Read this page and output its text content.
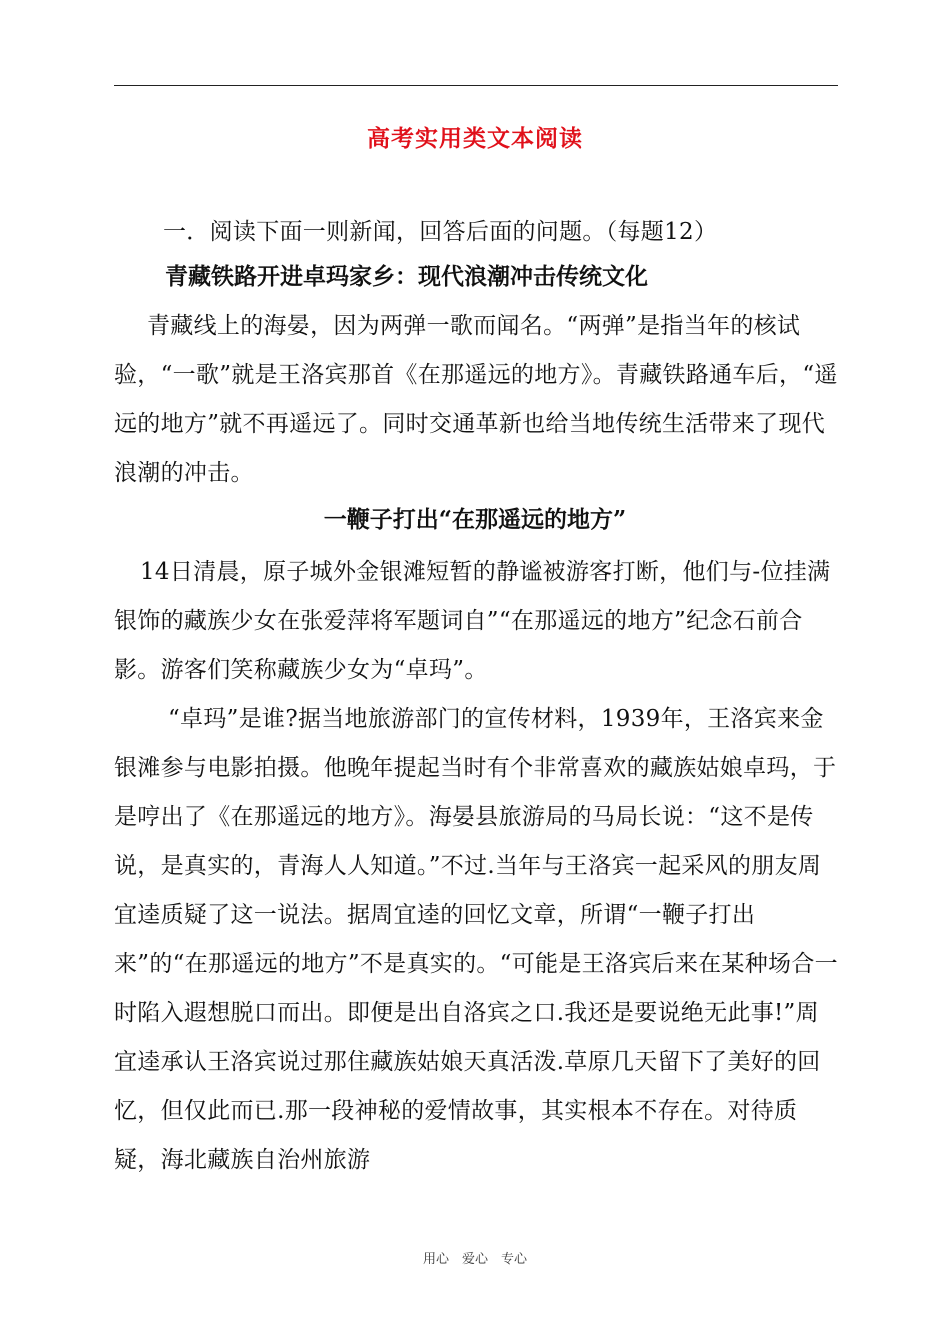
高考实用类文本阅读
一．阅读下面一则新闻，回答后面的问题。（每题12）
青藏铁路开进卓玛家乡：现代浪潮冲击传统文化
青藏线上的海晏，因为两弹一歌而闻名。“两弹”是指当年的核试验，“一歌”就是王洛宾那首《在那遥远的地方》。青藏铁路通车后，“遥远的地方”就不再遥远了。同时交通革新也给当地传统生活带来了现代浪潮的冲击。
一鞭子打出“在那遥远的地方”
14日清晨，原子城外金银滩短暂的静谧被游客打断，他们与-位挂满银饰的藏族少女在张爱萍将军题词自”“在那遥远的地方”纪念石前合影。游客们笑称藏族少女为“卓玛”。
“卓玛”是谁?据当地旅游部门的宣传材料，1939年，王洛宾来金银滩参与电影拍摄。他晚年提起当时有个非常喜欢的藏族姑娘卓玛，于是哼出了《在那遥远的地方》。海晏县旅游局的马局长说：“这不是传说，是真实的，青海人人知道。”不过.当年与王洛宾一起采风的朋友周宜逵质疑了这一说法。据周宜逵的回忆文章，所谓“一鞭子打出来”的“在那遥远的地方”不是真实的。“可能是王洛宾后来在某种场合一时陷入遐想脱口而出。即便是出自洛宾之口.我还是要说绝无此事!”周宜逵承认王洛宾说过那住藏族姑娘天真活泼.草原几天留下了美好的回忆，但仅此而已.那一段神秘的爱情故事，其实根本不存在。对待质疑，海北藏族自治州旅游
用心　爱心　专心
